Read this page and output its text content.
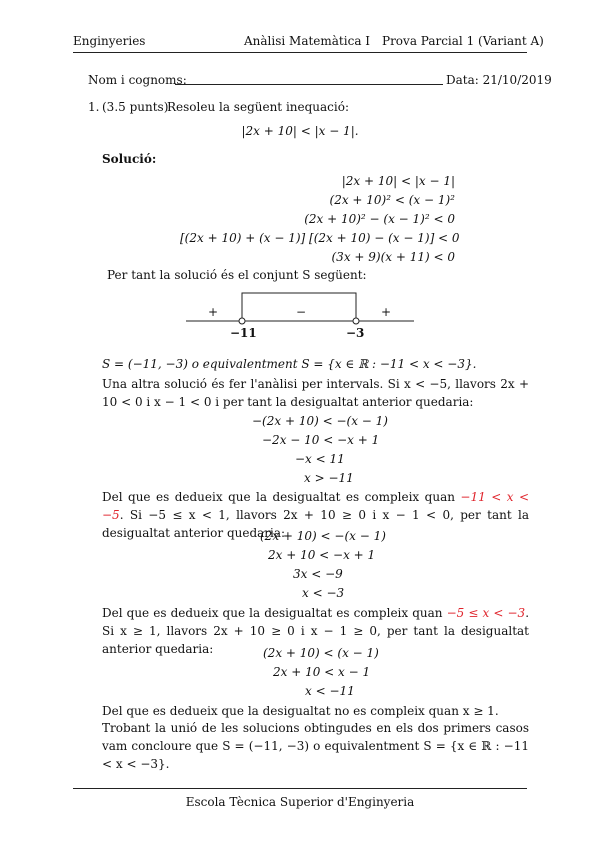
Enginyeries	Anàlisi Matemàtica I Prova Parcial 1 (Variant A)
Nom i cognoms:	Data: 21/10/2019
1. (3.5 punts)
Resoleu la següent inequació:
|2x + 10| < |x − 1|.
Solució:
|2x + 10| < |x − 1|
(2x + 10)² < (x − 1)²
(2x + 10)² − (x − 1)² < 0
[(2x + 10) + (x − 1)] [(2x + 10) − (x − 1)] < 0
(3x + 9)(x + 11) < 0
Per tant la solució és el conjunt S següent:
+	−	+
−11	−3
S = (−11, −3) o equivalentment S = {x ∈ ℝ : −11 < x < −3}.
Una altra solució és fer l'anàlisi per intervals. Si x < −5, llavors 2x + 10 < 0 i x − 1 < 0 i per tant la desigualtat anterior quedaria:
−(2x + 10) < −(x − 1)
−2x − 10 < −x + 1
−x < 11
x > −11
Del que es dedueix que la desigualtat es compleix quan −11 < x < −5. Si −5 ≤ x < 1, llavors 2x + 10 ≥ 0 i x − 1 < 0, per tant la desigualtat anterior quedaria:
(2x + 10) < −(x − 1)
2x + 10 < −x + 1
3x < −9
x < −3
Del que es dedueix que la desigualtat es compleix quan −5 ≤ x < −3. Si x ≥ 1, llavors 2x + 10 ≥ 0 i x − 1 ≥ 0, per tant la desigualtat anterior quedaria:	(2x + 10) < (x − 1)
2x + 10 < x − 1
x < −11
Del que es dedueix que la desigualtat no es compleix quan x ≥ 1.
Trobant la unió de les solucions obtingudes en els dos primers casos vam concloure que S = (−11, −3) o equivalentment S = {x ∈ ℝ : −11 < x < −3}.
Escola Tècnica Superior d'Enginyeria
